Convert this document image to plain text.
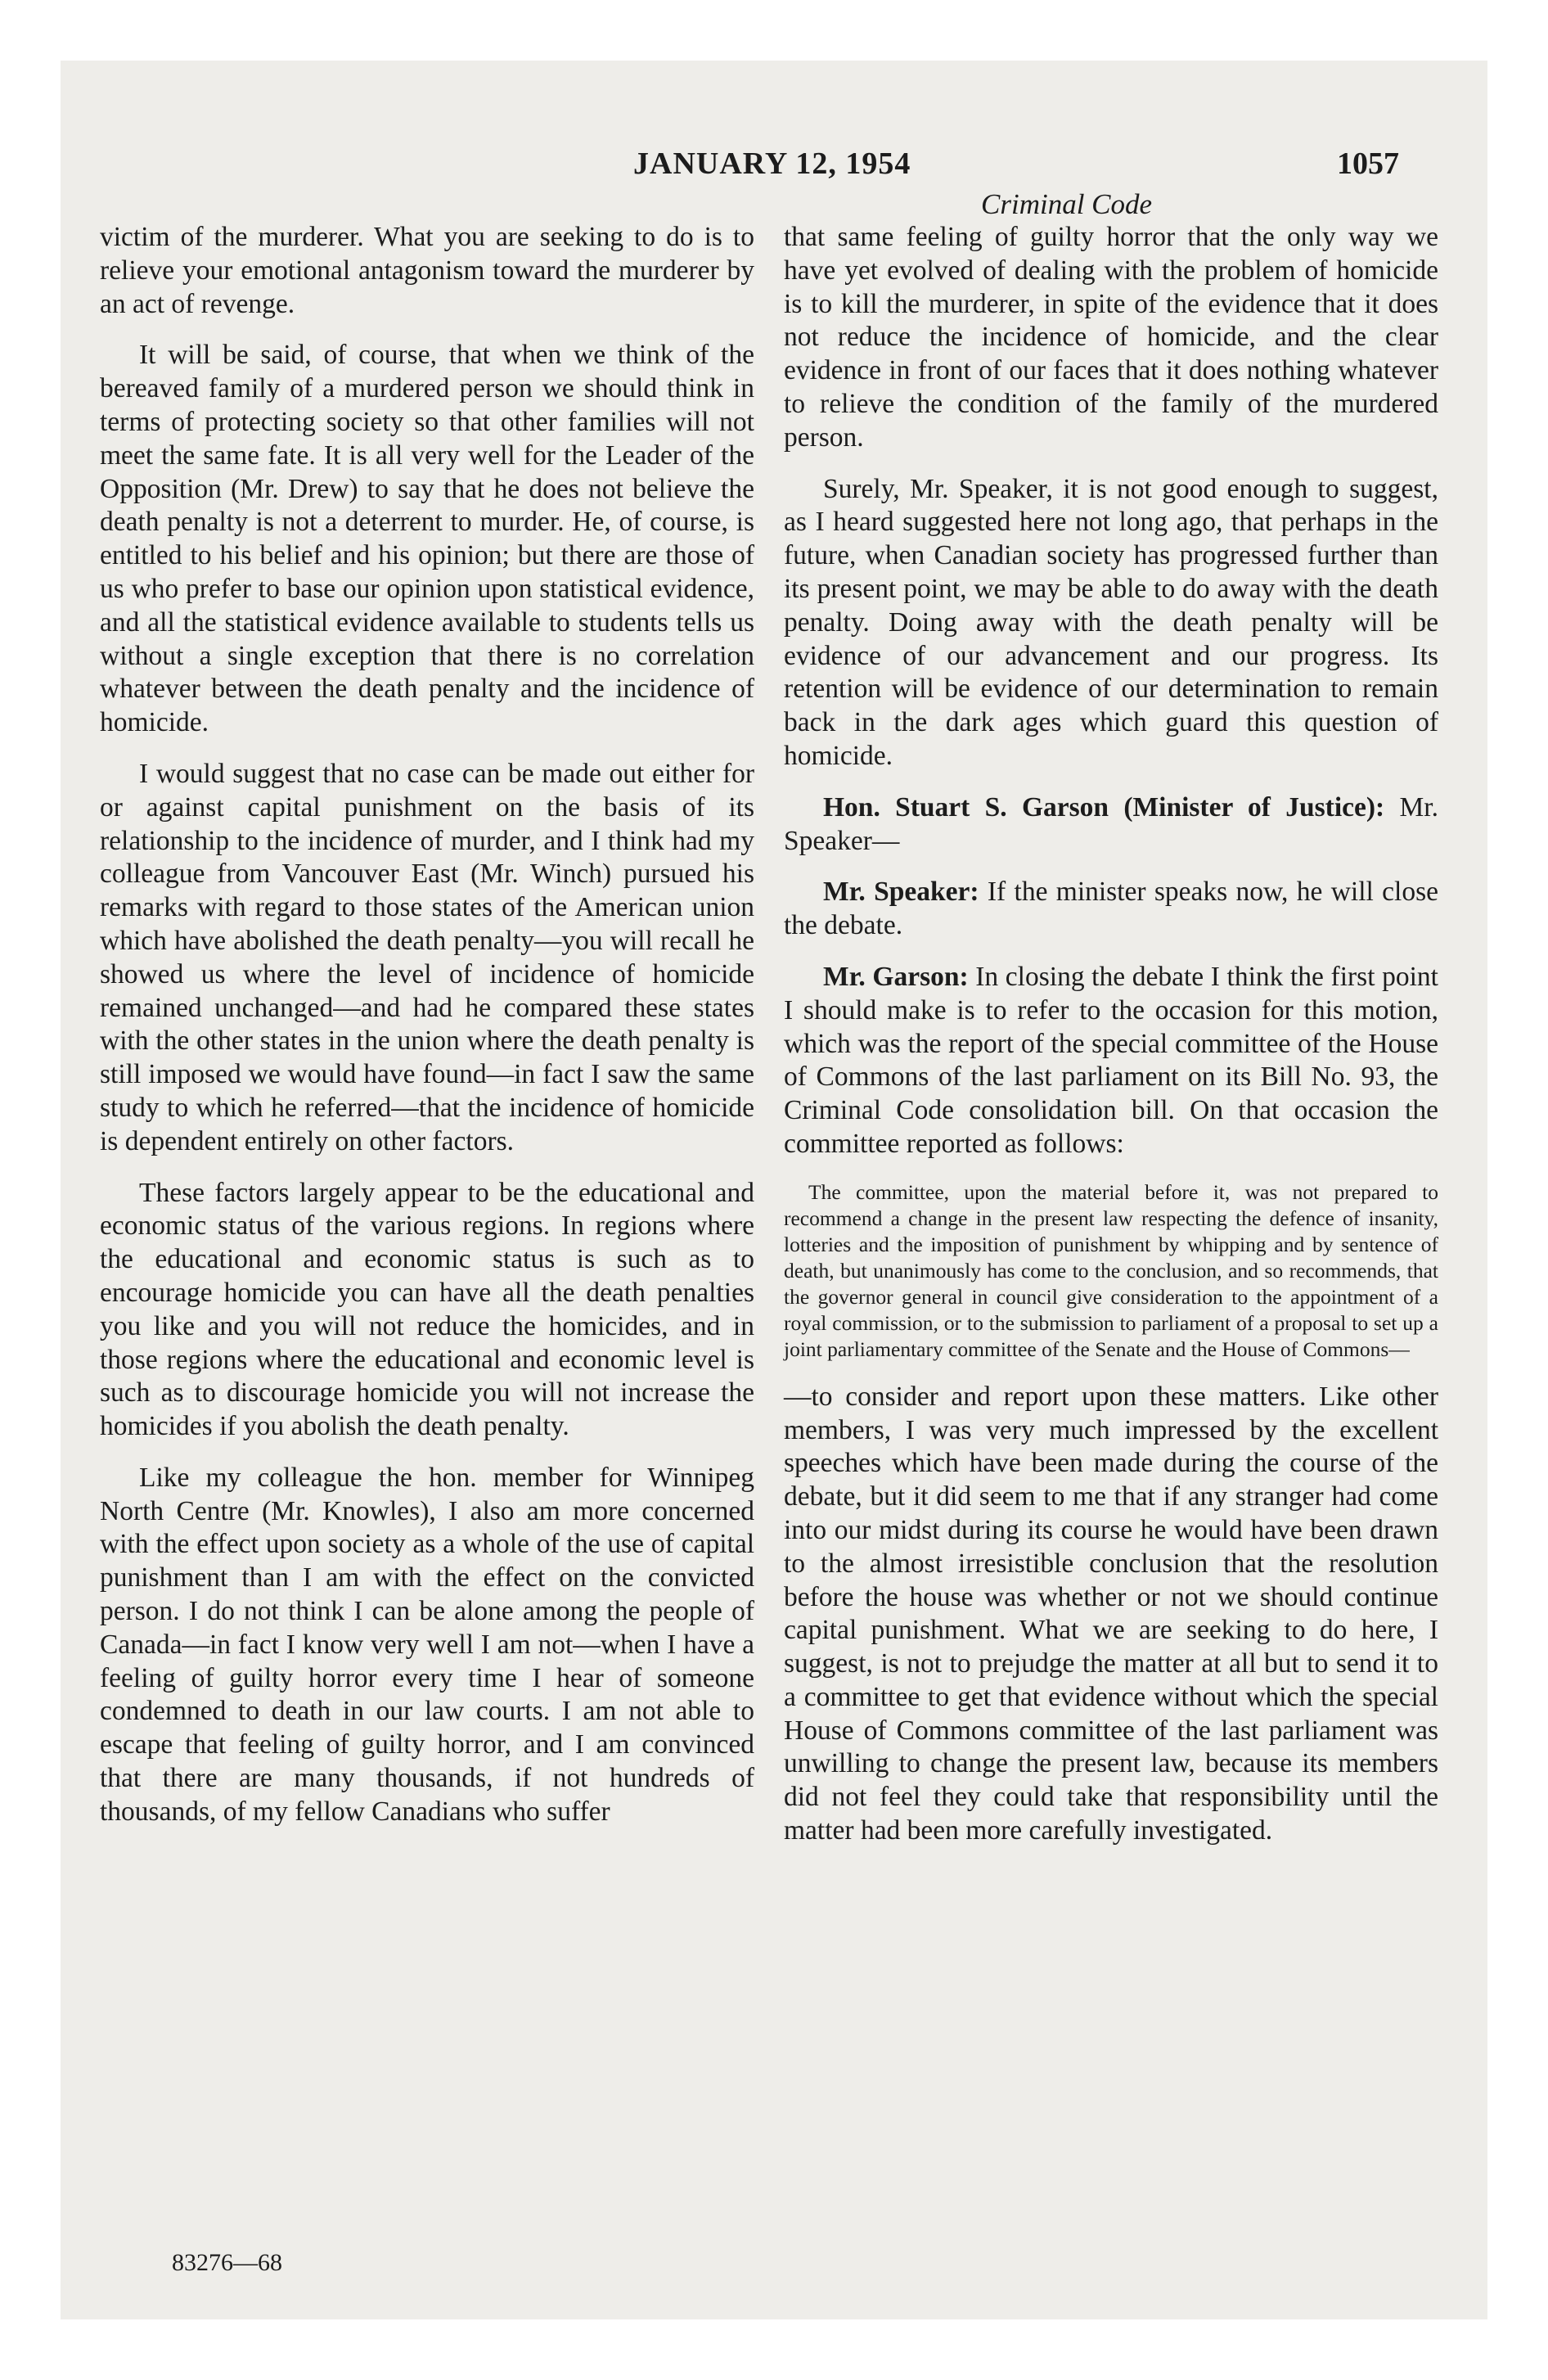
JANUARY 12, 1954	1057
Criminal Code

victim of the murderer. What you are seeking to do is to relieve your emotional antagonism toward the murderer by an act of revenge.

It will be said, of course, that when we think of the bereaved family of a murdered person we should think in terms of protecting society so that other families will not meet the same fate. It is all very well for the Leader of the Opposition (Mr. Drew) to say that he does not believe the death penalty is not a deterrent to murder. He, of course, is entitled to his belief and his opinion; but there are those of us who prefer to base our opinion upon statistical evidence, and all the statistical evidence available to students tells us without a single exception that there is no correlation whatever between the death penalty and the incidence of homicide.

I would suggest that no case can be made out either for or against capital punishment on the basis of its relationship to the incidence of murder, and I think had my colleague from Vancouver East (Mr. Winch) pursued his remarks with regard to those states of the American union which have abolished the death penalty—you will recall he showed us where the level of incidence of homicide remained unchanged—and had he compared these states with the other states in the union where the death penalty is still imposed we would have found—in fact I saw the same study to which he referred—that the incidence of homicide is dependent entirely on other factors.

These factors largely appear to be the educational and economic status of the various regions. In regions where the educational and economic status is such as to encourage homicide you can have all the death penalties you like and you will not reduce the homicides, and in those regions where the educational and economic level is such as to discourage homicide you will not increase the homicides if you abolish the death penalty.

Like my colleague the hon. member for Winnipeg North Centre (Mr. Knowles), I also am more concerned with the effect upon society as a whole of the use of capital punishment than I am with the effect on the convicted person. I do not think I can be alone among the people of Canada—in fact I know very well I am not—when I have a feeling of guilty horror every time I hear of someone condemned to death in our law courts. I am not able to escape that feeling of guilty horror, and I am convinced that there are many thousands, if not hundreds of thousands, of my fellow Canadians who suffer

that same feeling of guilty horror that the only way we have yet evolved of dealing with the problem of homicide is to kill the murderer, in spite of the evidence that it does not reduce the incidence of homicide, and the clear evidence in front of our faces that it does nothing whatever to relieve the condition of the family of the murdered person.

Surely, Mr. Speaker, it is not good enough to suggest, as I heard suggested here not long ago, that perhaps in the future, when Canadian society has progressed further than its present point, we may be able to do away with the death penalty. Doing away with the death penalty will be evidence of our advancement and our progress. Its retention will be evidence of our determination to remain back in the dark ages which guard this question of homicide.

Hon. Stuart S. Garson (Minister of Justice): Mr. Speaker—

Mr. Speaker: If the minister speaks now, he will close the debate.

Mr. Garson: In closing the debate I think the first point I should make is to refer to the occasion for this motion, which was the report of the special committee of the House of Commons of the last parliament on its Bill No. 93, the Criminal Code consolidation bill. On that occasion the committee reported as follows:

The committee, upon the material before it, was not prepared to recommend a change in the present law respecting the defence of insanity, lotteries and the imposition of punishment by whipping and by sentence of death, but unanimously has come to the conclusion, and so recommends, that the governor general in council give consideration to the appointment of a royal commission, or to the submission to parliament of a proposal to set up a joint parliamentary committee of the Senate and the House of Commons—

—to consider and report upon these matters. Like other members, I was very much impressed by the excellent speeches which have been made during the course of the debate, but it did seem to me that if any stranger had come into our midst during its course he would have been drawn to the almost irresistible conclusion that the resolution before the house was whether or not we should continue capital punishment. What we are seeking to do here, I suggest, is not to prejudge the matter at all but to send it to a committee to get that evidence without which the special House of Commons committee of the last parliament was unwilling to change the present law, because its members did not feel they could take that responsibility until the matter had been more carefully investigated.

83276—68
